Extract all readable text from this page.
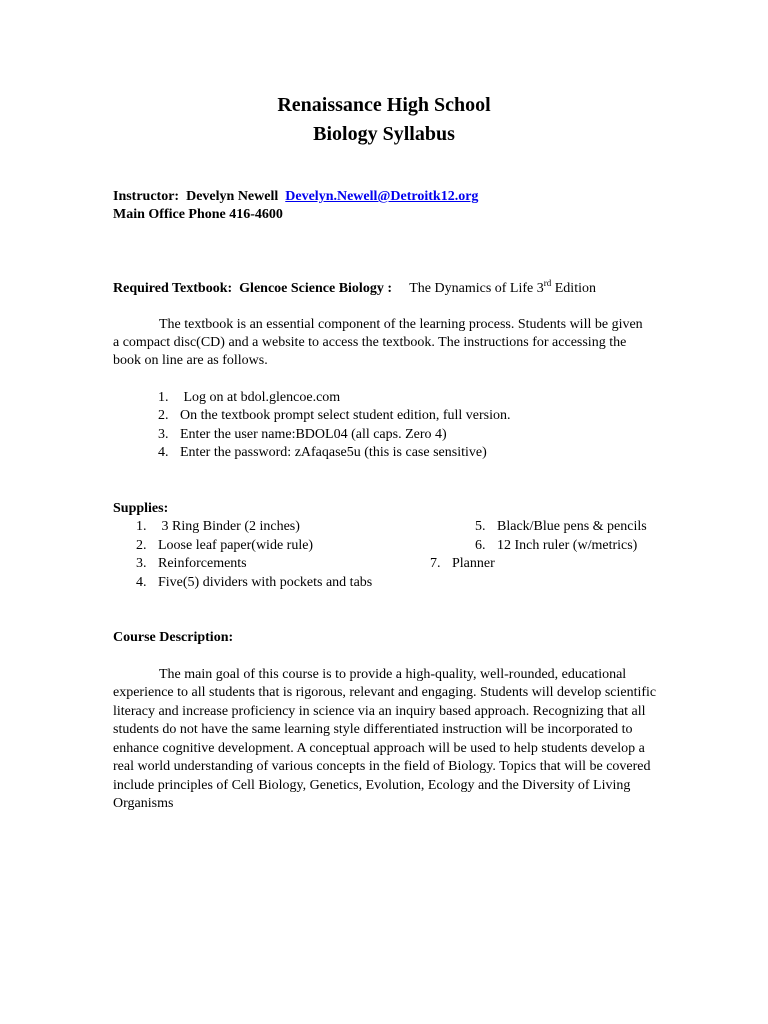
Renaissance High School
Biology Syllabus
Instructor: Develyn Newell Develyn.Newell@Detroitk12.org
Main Office Phone 416-4600
Required Textbook: Glencoe Science Biology : The Dynamics of Life 3rd Edition
The textbook is an essential component of the learning process. Students will be given
a compact disc(CD) and a website to access the textbook. The instructions for accessing the
book on line are as follows.
1. Log on at bdol.glencoe.com
2. On the textbook prompt select student edition, full version.
3. Enter the user name:BDOL04 (all caps. Zero 4)
4. Enter the password: zAfaqase5u (this is case sensitive)
Supplies:
1. 3 Ring Binder (2 inches)
2. Loose leaf paper(wide rule)
3. Reinforcements
4. Five(5) dividers with pockets and tabs
5. Black/Blue pens & pencils
6. 12 Inch ruler (w/metrics)
7. Planner
Course Description:
The main goal of this course is to provide a high-quality, well-rounded, educational
experience to all students that is rigorous, relevant and engaging. Students will develop scientific
literacy and increase proficiency in science via an inquiry based approach. Recognizing that all
students do not have the same learning style differentiated instruction will be incorporated to
enhance cognitive development. A conceptual approach will be used to help students develop a
real world understanding of various concepts in the field of Biology. Topics that will be covered
include principles of Cell Biology, Genetics, Evolution, Ecology and the Diversity of Living
Organisms
